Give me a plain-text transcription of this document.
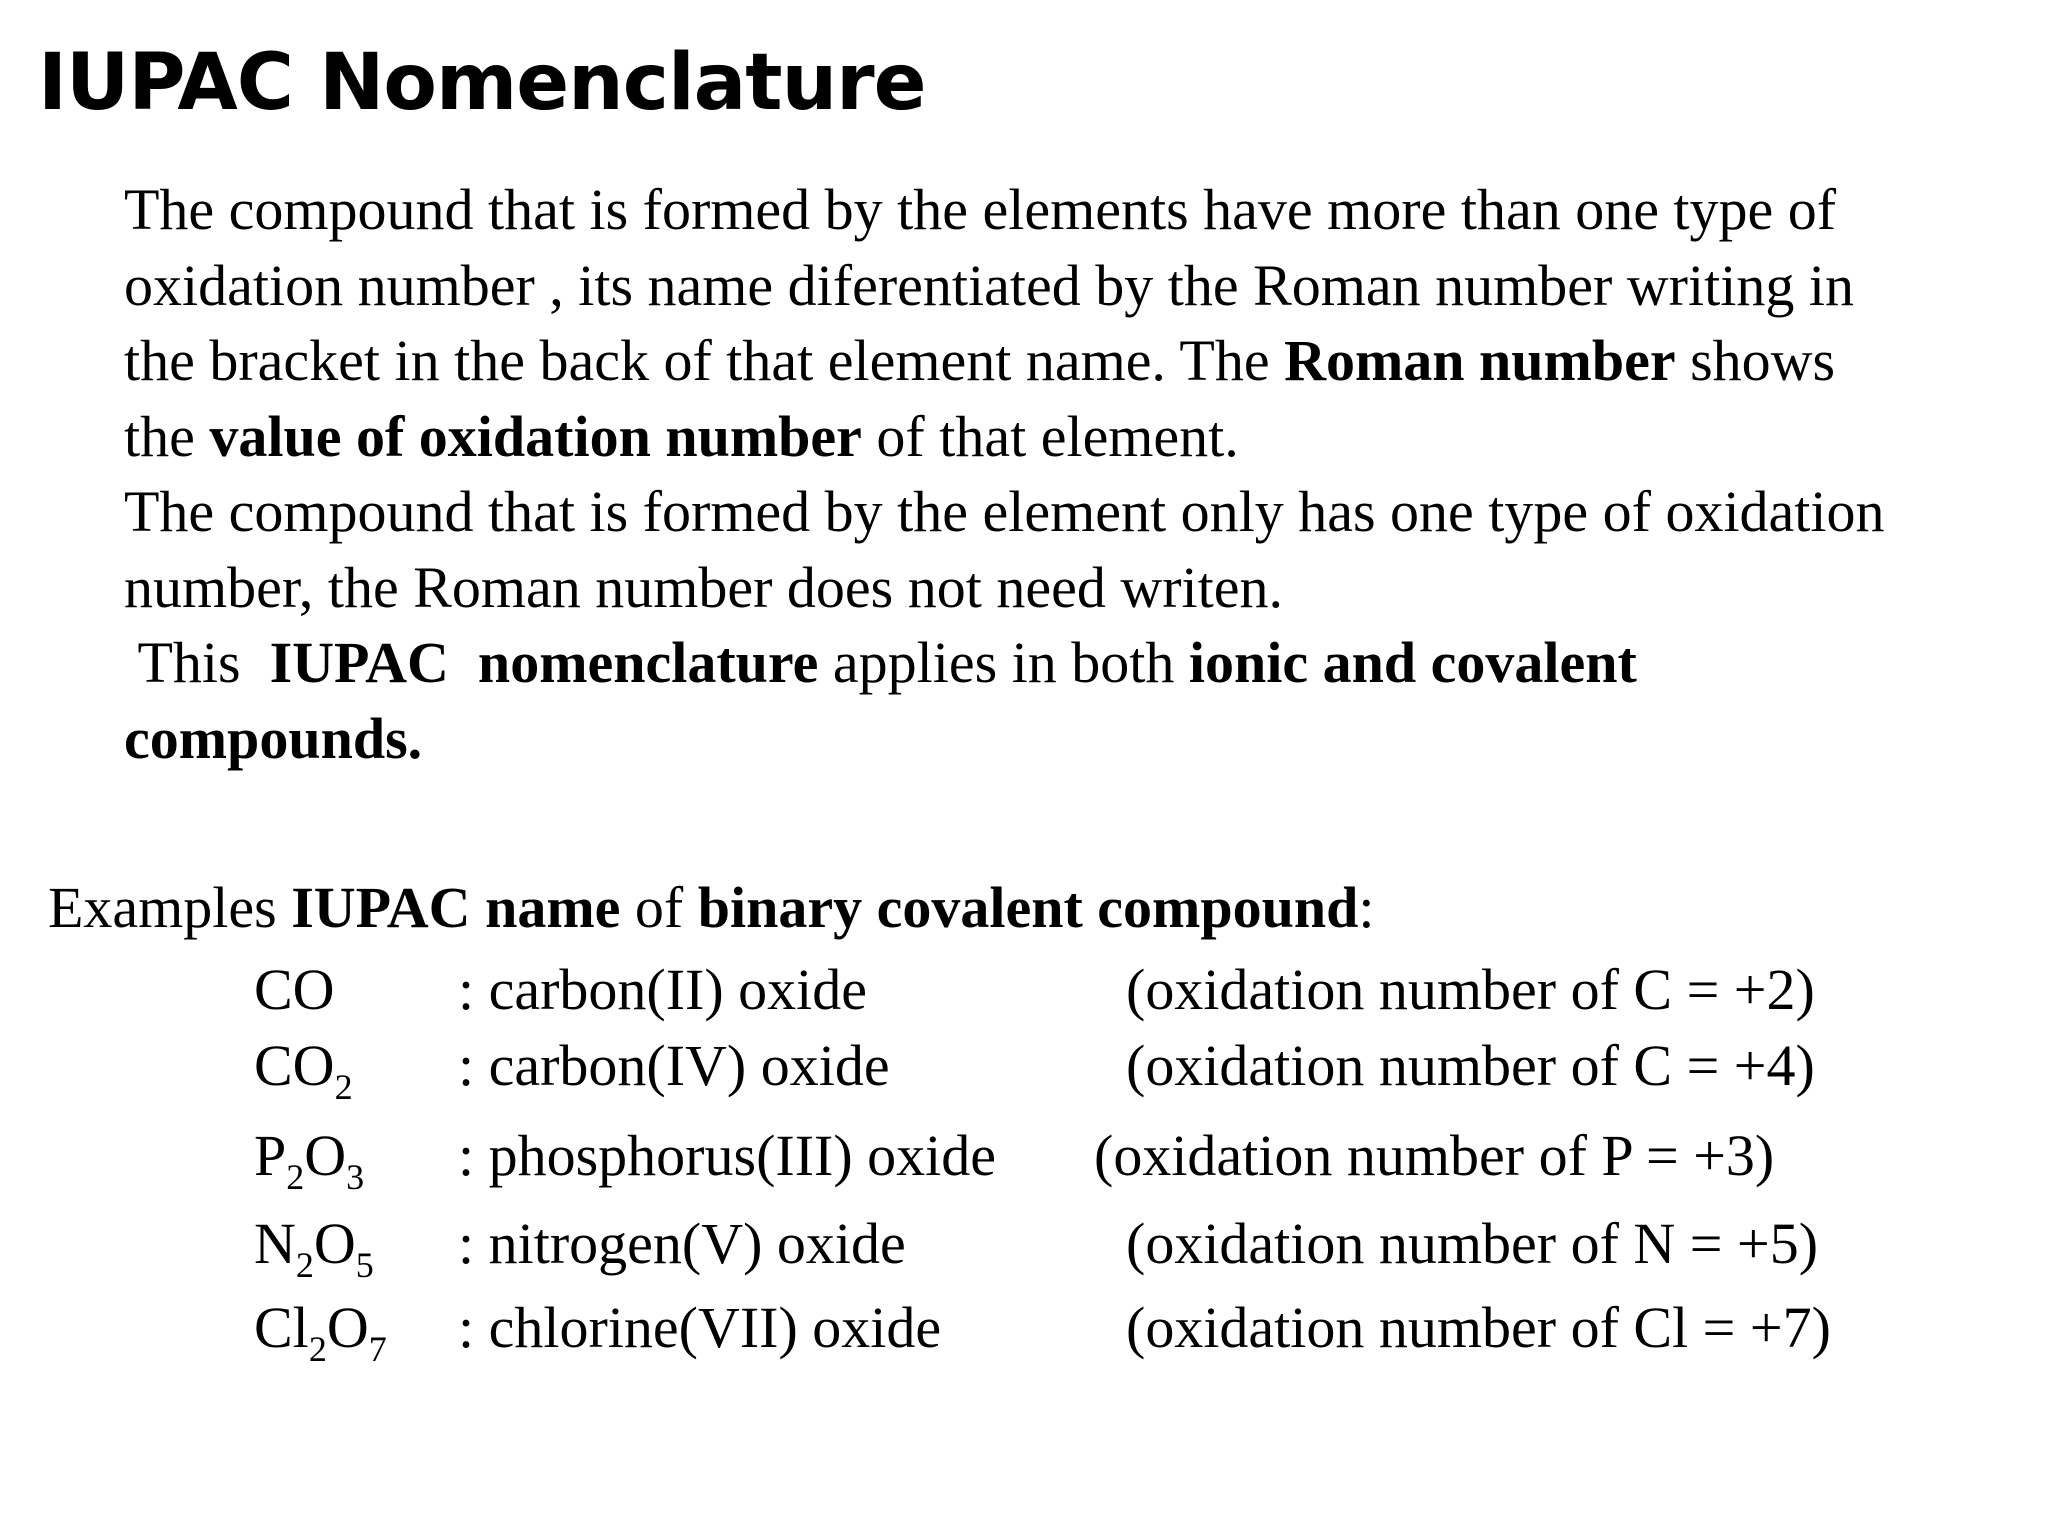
IUPAC Nomenclature

The compound that is formed by the elements have more than one type of

oxidation number , its name diferentiated by the Roman number writing in

the bracket in the back of that element name. The Roman number shows

the value of oxidation number of that element.

The compound that is formed by the element only has one type of oxidation

number, the Roman number does not need writen.

This  IUPAC  nomenclature applies in both ionic and covalent

compounds.

Examples IUPAC name of binary covalent compound:

CO : carbon(II) oxide	(oxidation number of C = +2)
$CO_2$ : carbon(IV) oxide	(oxidation number of C = +4)
$P_2O_3$ : phosphorus(III) oxide (oxidation number of P = +3)
$N_2O_5$ : nitrogen(V) oxide	(oxidation number of N = +5)
$Cl_2O_7$ : chlorine(VII) oxide	(oxidation number of Cl = +7)
